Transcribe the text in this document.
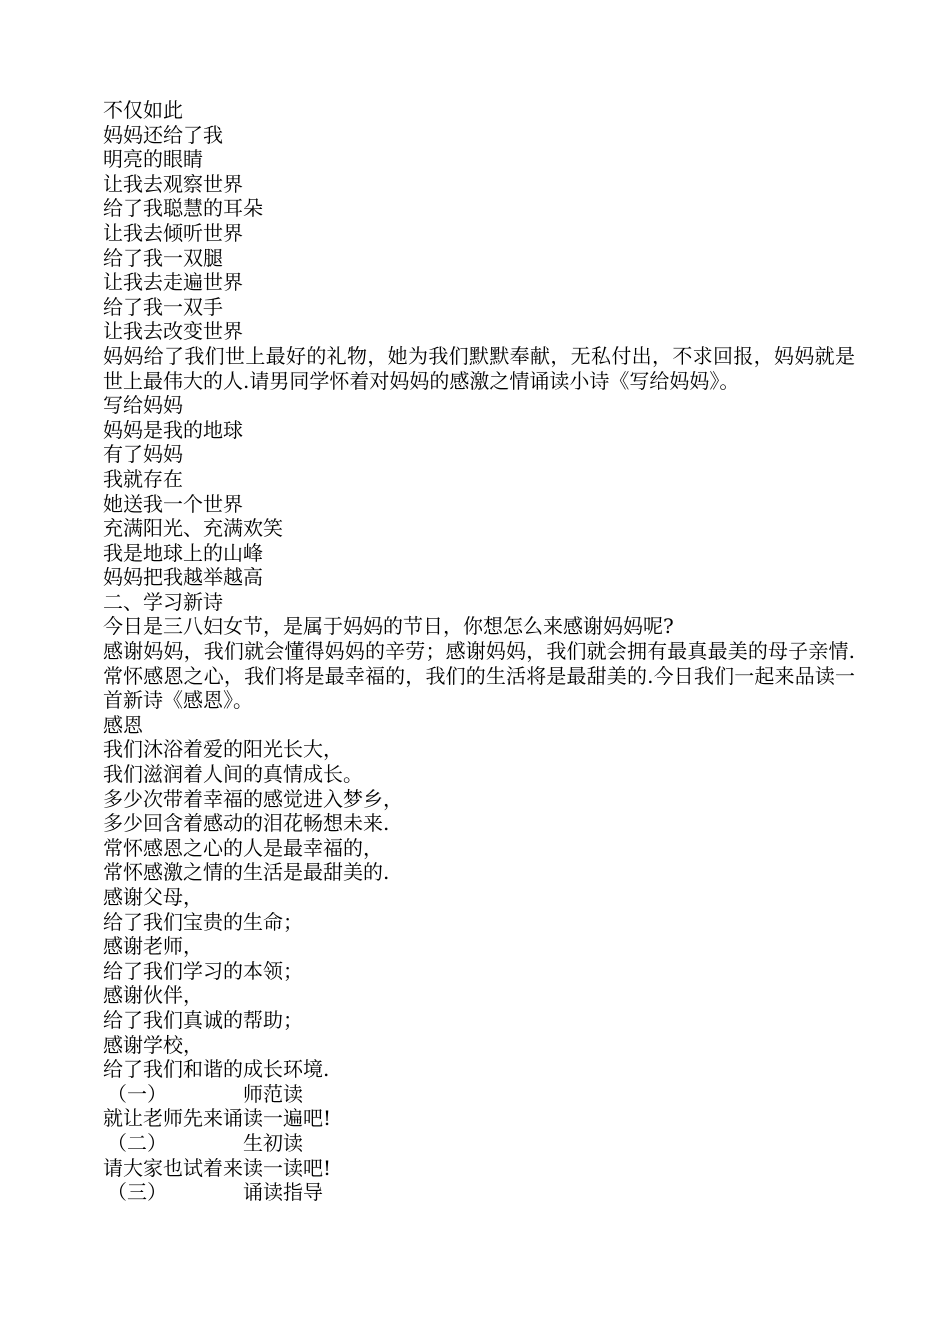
不仅如此
妈妈还给了我
明亮的眼睛
让我去观察世界
给了我聪慧的耳朵
让我去倾听世界
给了我一双腿
让我去走遍世界
给了我一双手
让我去改变世界

妈妈给了我们世上最好的礼物，她为我们默默奉献，无私付出，不求回报，妈妈就是世上最伟大的人.请男同学怀着对妈妈的感激之情诵读小诗《写给妈妈》。

写给妈妈
妈妈是我的地球
有了妈妈
我就存在
她送我一个世界
充满阳光、充满欢笑
我是地球上的山峰
妈妈把我越举越高
二、学习新诗

今日是三八妇女节，是属于妈妈的节日，你想怎么来感谢妈妈呢?

感谢妈妈，我们就会懂得妈妈的辛劳；感谢妈妈，我们就会拥有最真最美的母子亲情.常怀感恩之心，我们将是最幸福的，我们的生活将是最甜美的.今日我们一起来品读一首新诗《感恩》。

感恩
我们沐浴着爱的阳光长大，
我们滋润着人间的真情成长。
多少次带着幸福的感觉进入梦乡，
多少回含着感动的泪花畅想未来.
常怀感恩之心的人是最幸福的，
常怀感激之情的生活是最甜美的.
感谢父母，
给了我们宝贵的生命；
感谢老师，
给了我们学习的本领；
感谢伙伴，
给了我们真诚的帮助；
感谢学校，
给了我们和谐的成长环境.
（一）	师范读
就让老师先来诵读一遍吧!
（二）	生初读
请大家也试着来读一读吧!
（三）	诵读指导
